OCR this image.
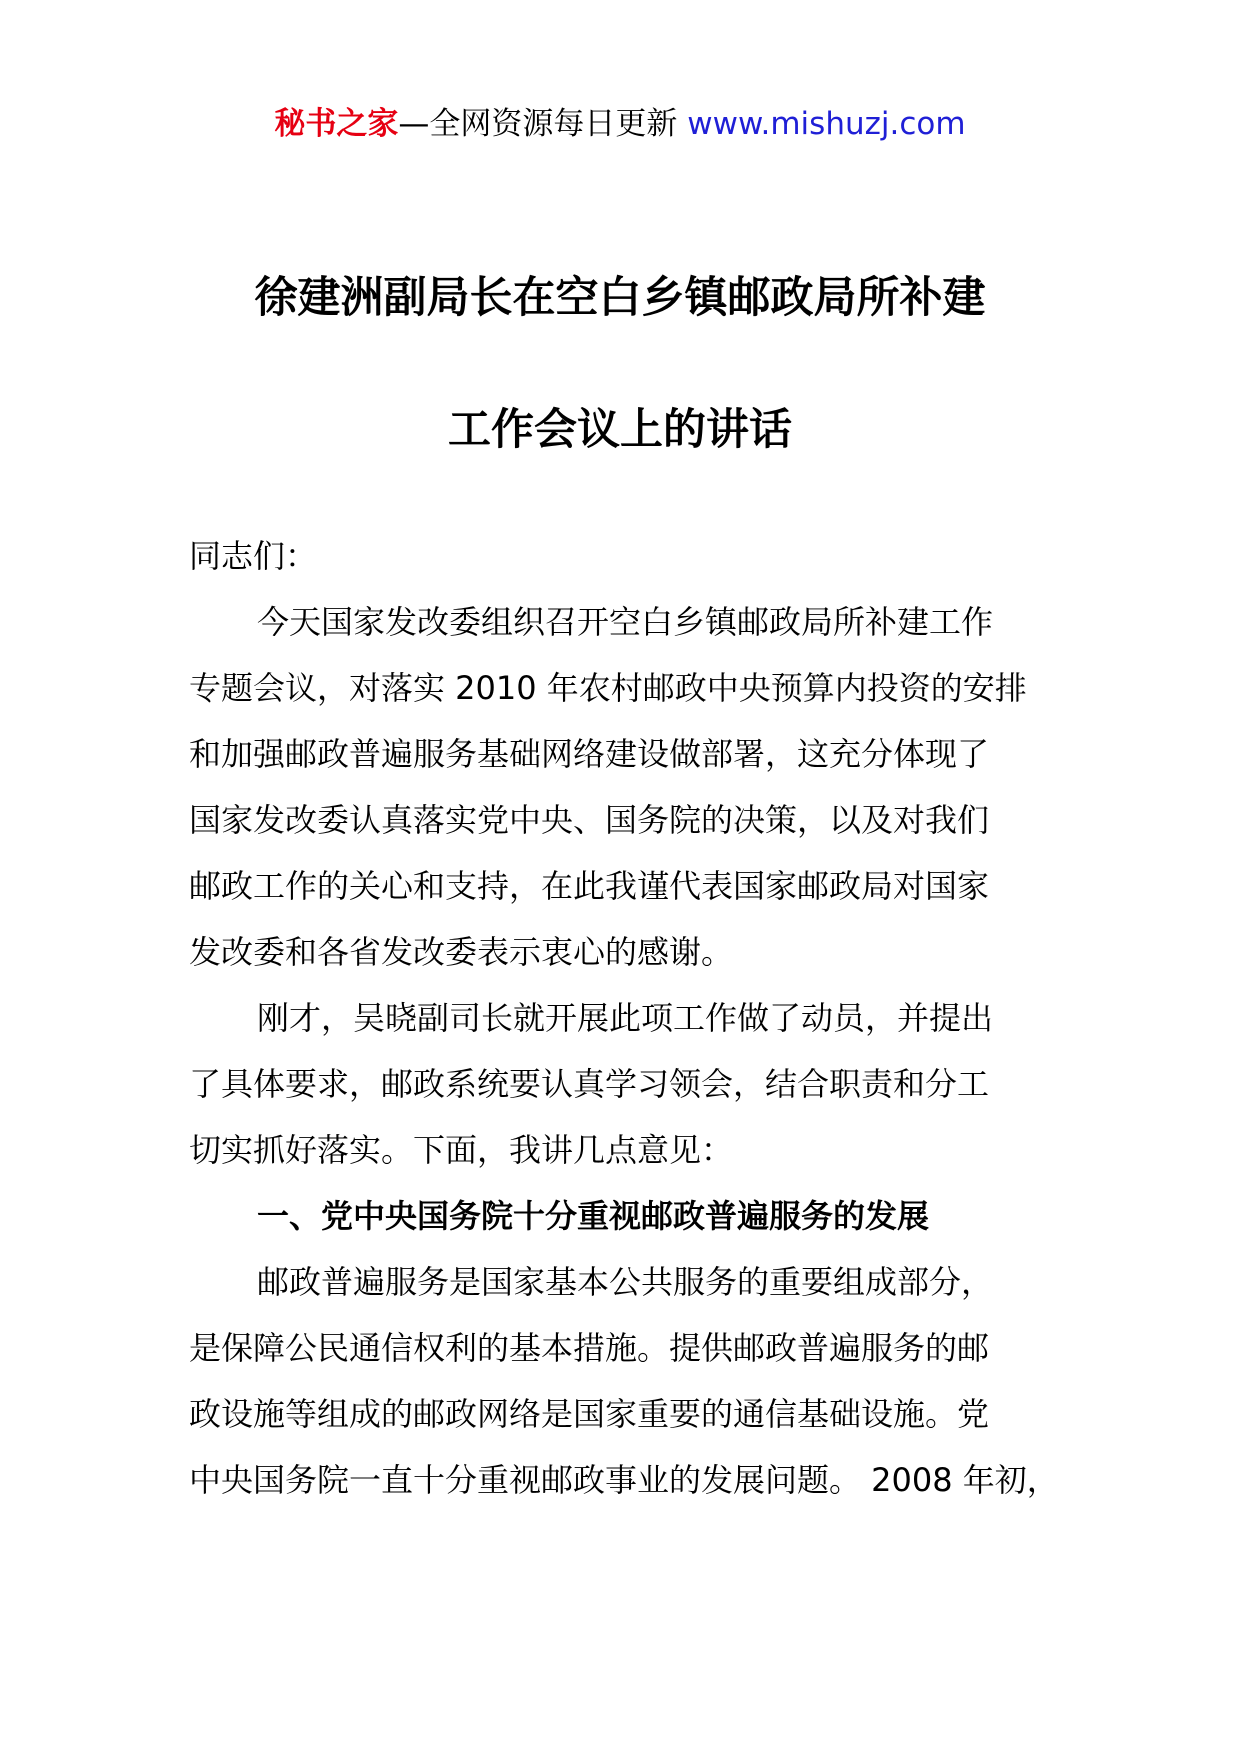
秘书之家—全网资源每日更新 www.mishuzj.com
徐建洲副局长在空白乡镇邮政局所补建
工作会议上的讲话
同志们：
今天国家发改委组织召开空白乡镇邮政局所补建工作
专题会议，对落实 2010 年农村邮政中央预算内投资的安排
和加强邮政普遍服务基础网络建设做部署，这充分体现了
国家发改委认真落实党中央、国务院的决策，以及对我们
邮政工作的关心和支持，在此我谨代表国家邮政局对国家
发改委和各省发改委表示衷心的感谢。
刚才，吴晓副司长就开展此项工作做了动员，并提出
了具体要求，邮政系统要认真学习领会，结合职责和分工
切实抓好落实。下面，我讲几点意见：
一、党中央国务院十分重视邮政普遍服务的发展
邮政普遍服务是国家基本公共服务的重要组成部分，
是保障公民通信权利的基本措施。提供邮政普遍服务的邮
政设施等组成的邮政网络是国家重要的通信基础设施。党
中央国务院一直十分重视邮政事业的发展问题。 2008 年初，
